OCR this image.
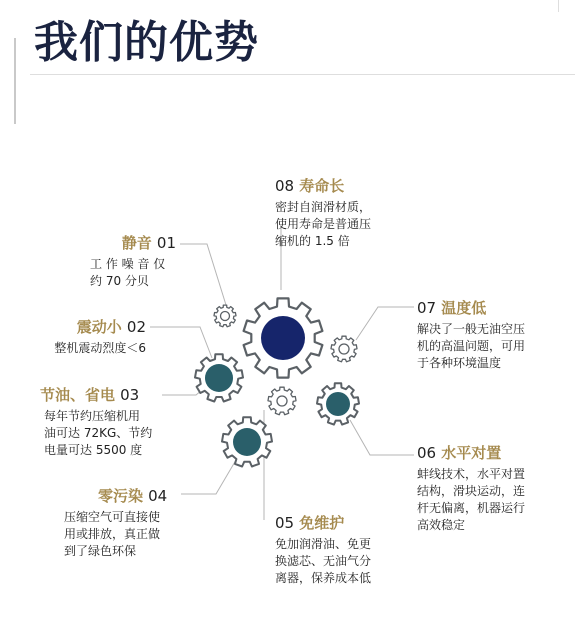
我们的优势
08 寿命长
密封自润滑材质，
使用寿命是普通压
缩机的 1.5 倍
静音 01
工 作 噪 音 仅
约 70 分贝
07 温度低
解决了一般无油空压
机的高温问题，可用
于各种环境温度
震动小 02
整机震动烈度＜6
节油、省电 03
每年节约压缩机用
油可达 72KG、节约
电量可达 5500 度	06 水平对置
蚌线技术，水平对置
结构，滑块运动，连
杆无偏离，机器运行
高效稳定
零污染 04
压缩空气可直接使
用或排放，真正做
到了绿色环保
05 免维护
免加润滑油、免更
换滤芯、无油气分
离器，保养成本低
